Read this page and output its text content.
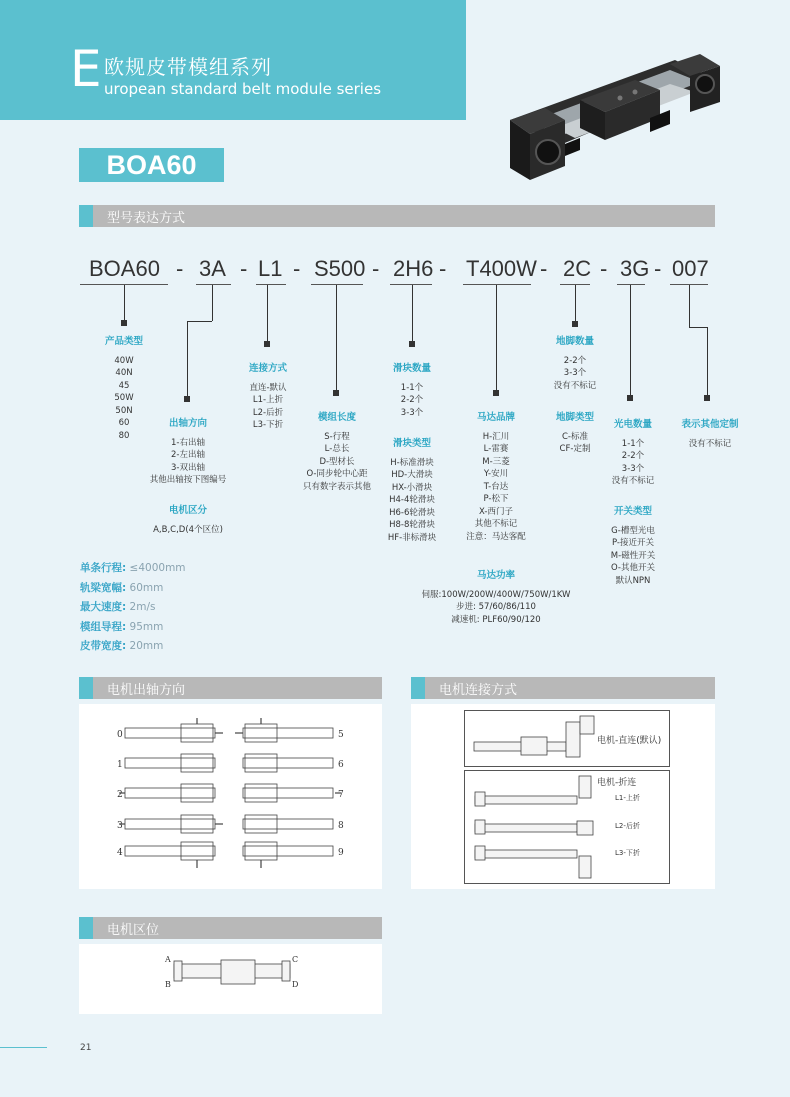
E 欧规皮带模组系列
uropean standard belt module series
BOA60
型号表达方式
BOA60 - 3A - L1 - S500 - 2H6 - T400W - 2C - 3G - 007
产品类型
40W
40N
45
50W
50N
60
80
出轴方向
1-右出轴
2-左出轴
3-双出轴
其他出轴按下图编号
电机区分
A,B,C,D(4个区位)
连接方式
直连-默认
L1-上折
L2-后折
L3-下折
模组长度
S-行程
L-总长
D-型材长
O-同步轮中心距
只有数字表示其他
滑块数量
1-1个
2-2个
3-3个
滑块类型
H-标准滑块
HD-大滑块
HX-小滑块
H4-4轮滑块
H6-6轮滑块
H8-8轮滑块
HF-非标滑块
马达品牌
H-汇川
L-雷赛
M-三菱
Y-安川
T-台达
P-松下
X-西门子
其他不标记
注意：马达客配
马达功率
伺服:100W/200W/400W/750W/1KW
步进: 57/60/86/110
减速机: PLF60/90/120
地脚数量
2-2个
3-3个
没有不标记
地脚类型
C-标准
CF-定制
光电数量
1-1个
2-2个
3-3个
没有不标记
开关类型
G-槽型光电
P-接近开关
M-磁性开关
O-其他开关
默认NPN
表示其他定制
没有不标记
单条行程: ≤4000mm
轨梁宽幅: 60mm
最大速度: 2m/s
模组导程: 95mm
皮带宽度: 20mm
电机出轴方向
0
1
2
3
4
5
6
7
8
9
电机连接方式
电机-直连(默认)
电机-折连
L1-上折
L2-后折
L3-下折
电机区位
A
B
C
D
21
